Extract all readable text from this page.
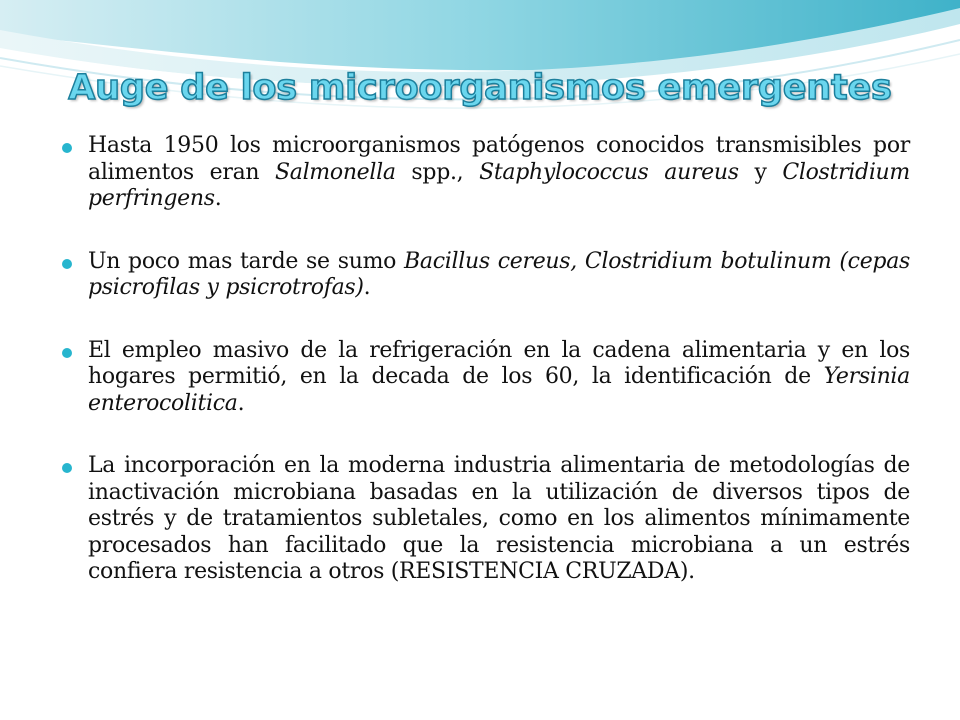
Auge de los microorganismos emergentes

Hasta 1950 los microorganismos patógenos conocidos transmisibles por alimentos eran Salmonella spp., Staphylococcus aureus y Clostridium perfringens.

Un poco mas tarde se sumo Bacillus cereus, Clostridium botulinum (cepas psicrofilas y psicrotrofas).

El empleo masivo de la refrigeración en la cadena alimentaria y en los hogares permitió, en la decada de los 60, la identificación de Yersinia enterocolitica.

La incorporación en la moderna industria alimentaria de metodologías de inactivación microbiana basadas en la utilización de diversos tipos de estrés y de tratamientos subletales, como en los alimentos mínimamente procesados han facilitado que la resistencia microbiana a un estrés confiera resistencia a otros (RESISTENCIA CRUZADA).
